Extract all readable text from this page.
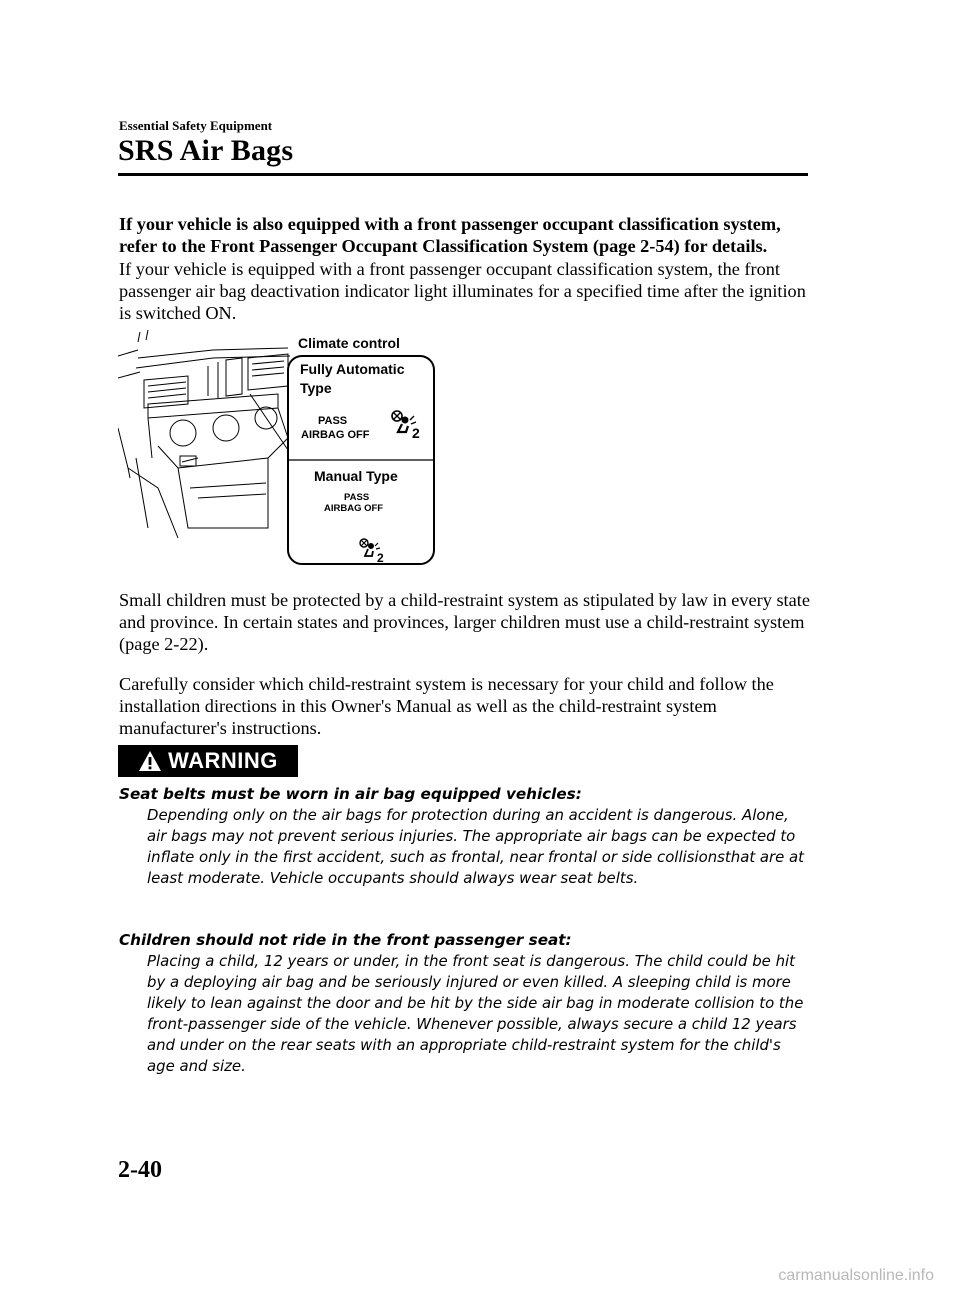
Essential Safety Equipment
SRS Air Bags
If your vehicle is also equipped with a front passenger occupant classification system, refer to the Front Passenger Occupant Classification System (page 2-54) for details.
If your vehicle is equipped with a front passenger occupant classification system, the front passenger air bag deactivation indicator light illuminates for a specified time after the ignition is switched ON.
Climate control
Fully Automatic
Type
PASS
AIRBAG OFF	2
Manual Type
PASS
AIRBAG OFF
2
Small children must be protected by a child-restraint system as stipulated by law in every state and province. In certain states and provinces, larger children must use a child-restraint system (page 2-22).
Carefully consider which child-restraint system is necessary for your child and follow the installation directions in this Owner's Manual as well as the child-restraint system manufacturer's instructions.
WARNING
Seat belts must be worn in air bag equipped vehicles:
Depending only on the air bags for protection during an accident is dangerous. Alone, air bags may not prevent serious injuries. The appropriate air bags can be expected to inflate only in the first accident, such as frontal, near frontal or side collisionsthat are at least moderate. Vehicle occupants should always wear seat belts.
Children should not ride in the front passenger seat:
Placing a child, 12 years or under, in the front seat is dangerous. The child could be hit by a deploying air bag and be seriously injured or even killed. A sleeping child is more likely to lean against the door and be hit by the side air bag in moderate collision to the front-passenger side of the vehicle. Whenever possible, always secure a child 12 years and under on the rear seats with an appropriate child-restraint system for the child's age and size.
2-40
carmanualsonline.info
